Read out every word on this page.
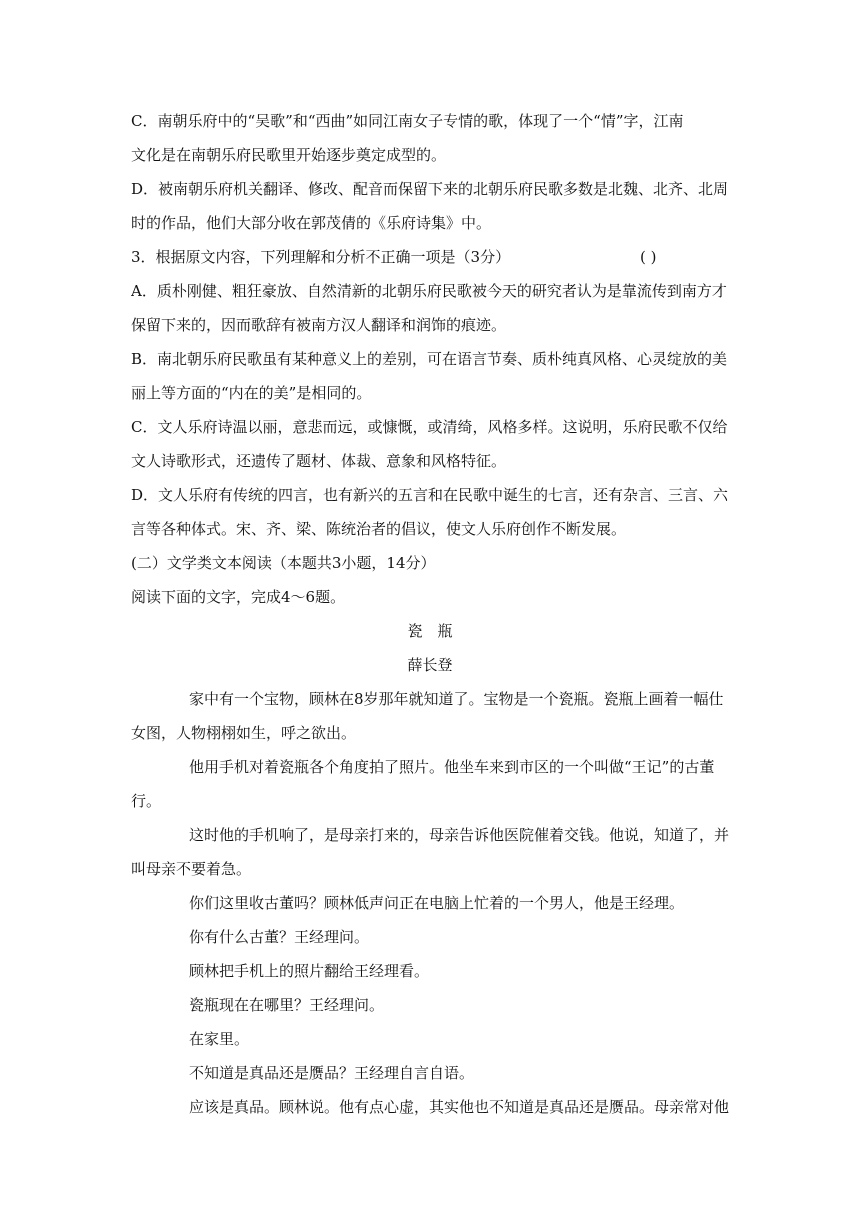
C．南朝乐府中的“吴歌”和“西曲”如同江南女子专情的歌，体现了一个“情”字，江南
文化是在南朝乐府民歌里开始逐步奠定成型的。
D．被南朝乐府机关翻译、修改、配音而保留下来的北朝乐府民歌多数是北魏、北齐、北周
时的作品，他们大部分收在郭茂倩的《乐府诗集》中。
3．根据原文内容，下列理解和分析不正确一项是（3分）	( )
A．质朴刚健、粗狂豪放、自然清新的北朝乐府民歌被今天的研究者认为是靠流传到南方才
保留下来的，因而歌辞有被南方汉人翻译和润饰的痕迹。
B．南北朝乐府民歌虽有某种意义上的差别，可在语言节奏、质朴纯真风格、心灵绽放的美
丽上等方面的“内在的美”是相同的。
C．文人乐府诗温以丽，意悲而远，或慷慨，或清绮，风格多样。这说明，乐府民歌不仅给
文人诗歌形式，还遗传了题材、体裁、意象和风格特征。
D．文人乐府有传统的四言，也有新兴的五言和在民歌中诞生的七言，还有杂言、三言、六
言等各种体式。宋、齐、梁、陈统治者的倡议，使文人乐府创作不断发展。
(二）文学类文本阅读（本题共3小题，14分）
阅读下面的文字，完成4～6题。
瓷　瓶
薛长登
家中有一个宝物，顾林在8岁那年就知道了。宝物是一个瓷瓶。瓷瓶上画着一幅仕
女图，人物栩栩如生，呼之欲出。
他用手机对着瓷瓶各个角度拍了照片。他坐车来到市区的一个叫做“王记”的古董
行。
这时他的手机响了，是母亲打来的，母亲告诉他医院催着交钱。他说，知道了，并
叫母亲不要着急。
你们这里收古董吗？顾林低声问正在电脑上忙着的一个男人，他是王经理。
你有什么古董？王经理问。
顾林把手机上的照片翻给王经理看。
瓷瓶现在在哪里？王经理问。
在家里。
不知道是真品还是赝品？王经理自言自语。
应该是真品。顾林说。他有点心虚，其实他也不知道是真品还是赝品。母亲常对他
